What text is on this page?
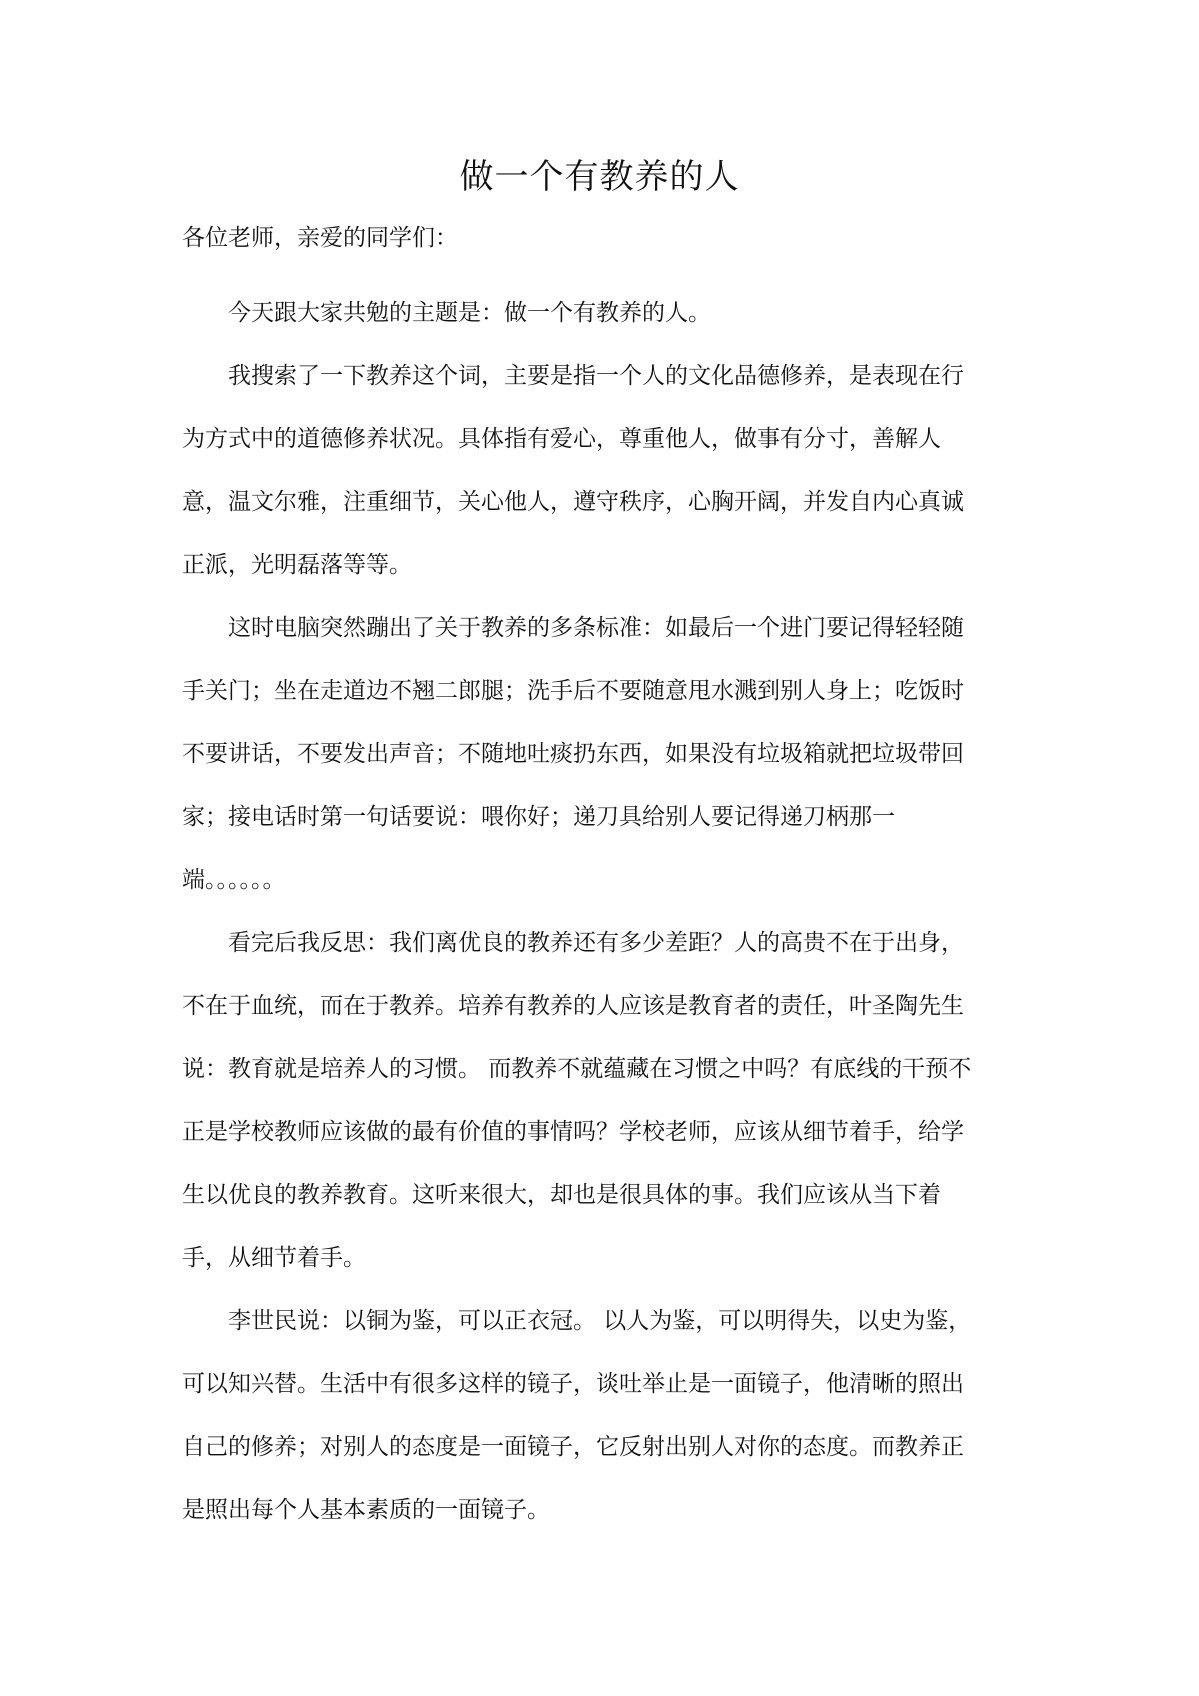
做一个有教养的人

各位老师，亲爱的同学们：

今天跟大家共勉的主题是：做一个有教养的人。

我搜索了一下教养这个词，主要是指一个人的文化品德修养，是表现在行
为方式中的道德修养状况。具体指有爱心，尊重他人，做事有分寸，善解人
意，温文尔雅，注重细节，关心他人，遵守秩序，心胸开阔，并发自内心真诚
正派，光明磊落等等。

这时电脑突然蹦出了关于教养的多条标准：如最后一个进门要记得轻轻随
手关门；坐在走道边不翘二郎腿；洗手后不要随意甩水溅到别人身上；吃饭时
不要讲话，不要发出声音；不随地吐痰扔东西，如果没有垃圾箱就把垃圾带回
家；接电话时第一句话要说：喂你好；递刀具给别人要记得递刀柄那一
端。。。。。。

看完后我反思：我们离优良的教养还有多少差距？人的高贵不在于出身，
不在于血统，而在于教养。培养有教养的人应该是教育者的责任，叶圣陶先生
说：教育就是培养人的习惯。 而教养不就蕴藏在习惯之中吗？有底线的干预不
正是学校教师应该做的最有价值的事情吗？学校老师，应该从细节着手，给学
生以优良的教养教育。这听来很大，却也是很具体的事。我们应该从当下着
手，从细节着手。

李世民说：以铜为鉴，可以正衣冠。 以人为鉴，可以明得失，以史为鉴，
可以知兴替。生活中有很多这样的镜子，谈吐举止是一面镜子，他清晰的照出
自己的修养；对别人的态度是一面镜子，它反射出别人对你的态度。而教养正
是照出每个人基本素质的一面镜子。
